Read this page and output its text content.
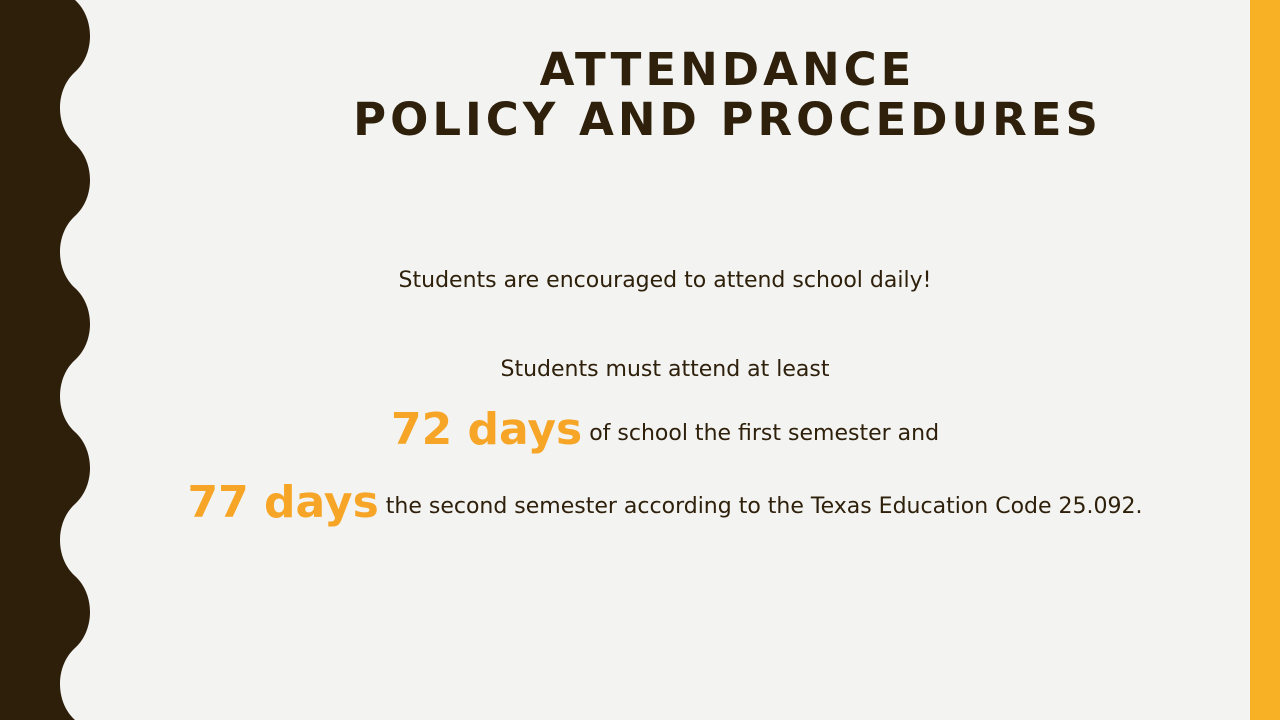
ATTENDANCE
POLICY AND PROCEDURES
Students are encouraged to attend school daily!
Students must attend at least
72 days of school the first semester and
77 days the second semester according to the Texas Education Code 25.092.
